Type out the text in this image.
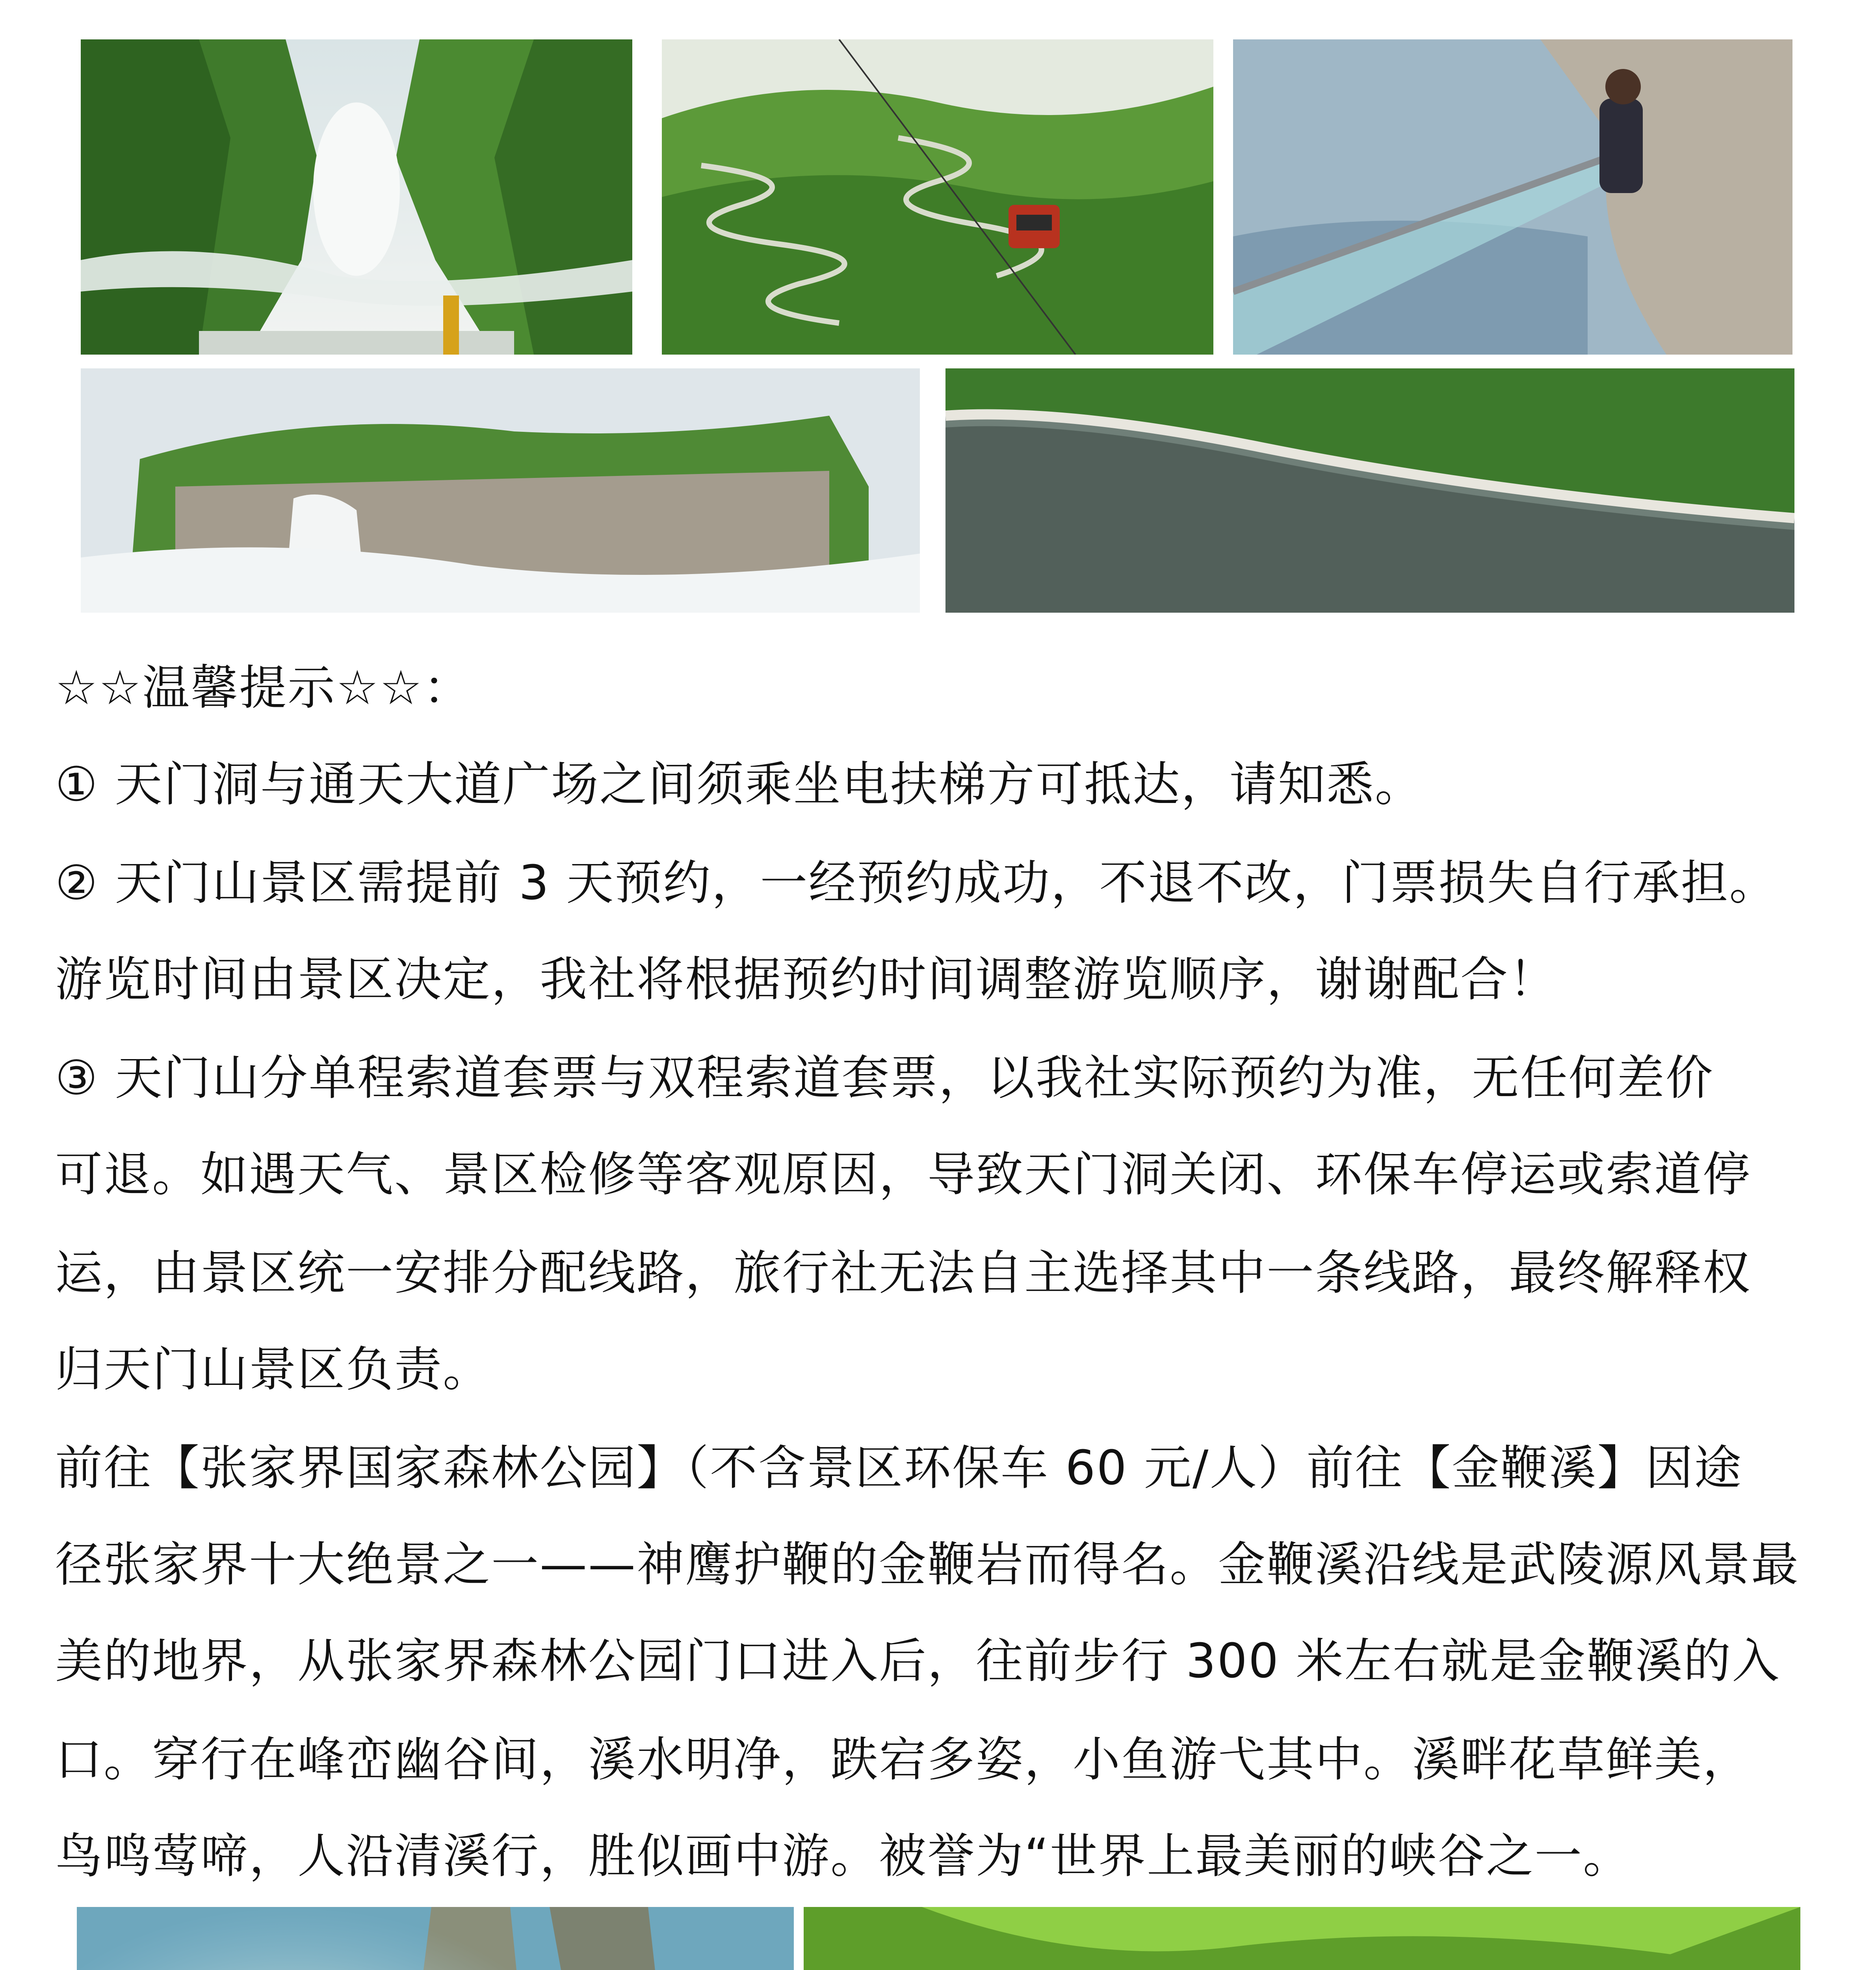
☆☆温馨提示☆☆：
① 天门洞与通天大道广场之间须乘坐电扶梯方可抵达，请知悉。
② 天门山景区需提前 3 天预约，一经预约成功，不退不改，门票损失自行承担。
游览时间由景区决定，我社将根据预约时间调整游览顺序，谢谢配合！
③ 天门山分单程索道套票与双程索道套票，以我社实际预约为准，无任何差价
可退。如遇天气、景区检修等客观原因，导致天门洞关闭、环保车停运或索道停
运，由景区统一安排分配线路，旅行社无法自主选择其中一条线路，最终解释权
归天门山景区负责。
前往【张家界国家森林公园】（不含景区环保车 60 元/人）前往【金鞭溪】因途
径张家界十大绝景之一——神鹰护鞭的金鞭岩而得名。金鞭溪沿线是武陵源风景最
美的地界，从张家界森林公园门口进入后，往前步行 300 米左右就是金鞭溪的入
口。穿行在峰峦幽谷间，溪水明净，跌宕多姿，小鱼游弋其中。溪畔花草鲜美，
鸟鸣莺啼，人沿清溪行，胜似画中游。被誉为“世界上最美丽的峡谷之一。
